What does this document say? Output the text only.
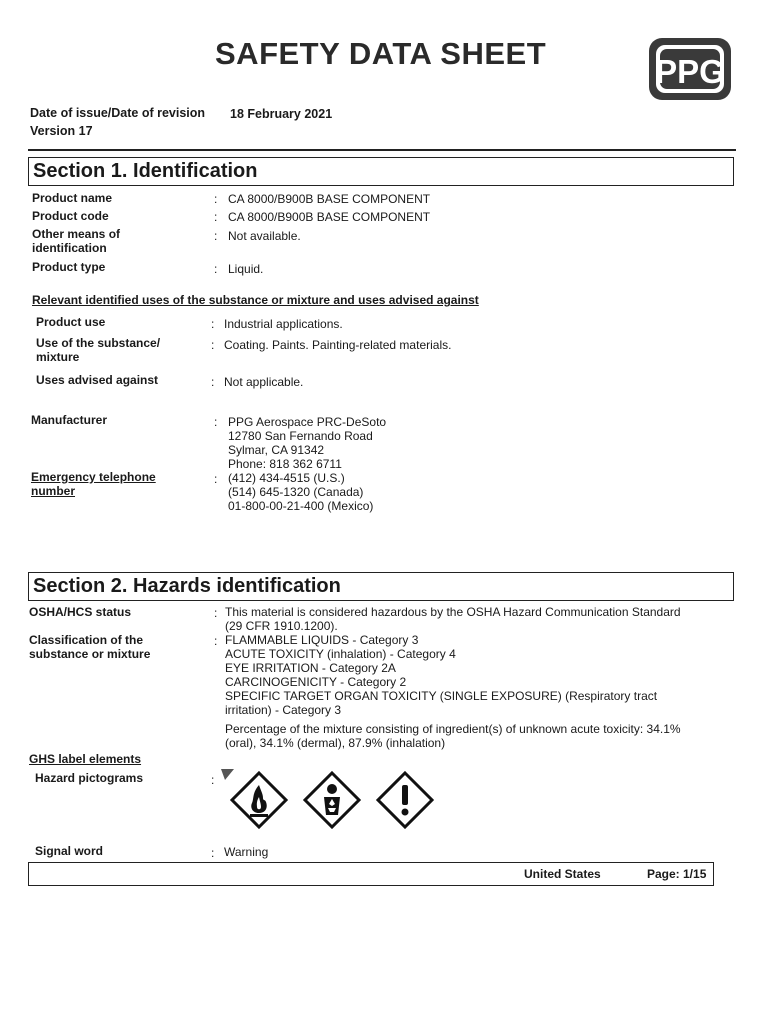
SAFETY DATA SHEET	PPG
Date of issue/Date of revision 18 February 2021
Version 17
Section 1. Identification
Product name	: CA 8000/B900B BASE COMPONENT
Product code	: CA 8000/B900B BASE COMPONENT
Other means of
identification
: Not available.
Product type	: Liquid.
Relevant identified uses of the substance or mixture and uses advised against
Product use	: Industrial applications.
Use of the substance/
mixture
: Coating. Paints. Painting-related materials.
Uses advised against	: Not applicable.
Manufacturer	: PPG Aerospace PRC-DeSoto
12780 San Fernando Road
Sylmar, CA 91342
Phone: 818 362 6711
Emergency telephone
number
: (412) 434-4515 (U.S.)
(514) 645-1320 (Canada)
01-800-00-21-400 (Mexico)
Section 2. Hazards identification
OSHA/HCS status	: This material is considered hazardous by the OSHA Hazard Communication Standard
(29 CFR 1910.1200).
Classification of the
substance or mixture
: FLAMMABLE LIQUIDS - Category 3
ACUTE TOXICITY (inhalation) - Category 4
EYE IRRITATION - Category 2A
CARCINOGENICITY - Category 2
SPECIFIC TARGET ORGAN TOXICITY (SINGLE EXPOSURE) (Respiratory tract
irritation) - Category 3
Percentage of the mixture consisting of ingredient(s) of unknown acute toxicity: 34.1%
(oral), 34.1% (dermal), 87.9% (inhalation)
GHS label elements
Hazard pictograms	:
Signal word	: Warning
United States	Page: 1/15
